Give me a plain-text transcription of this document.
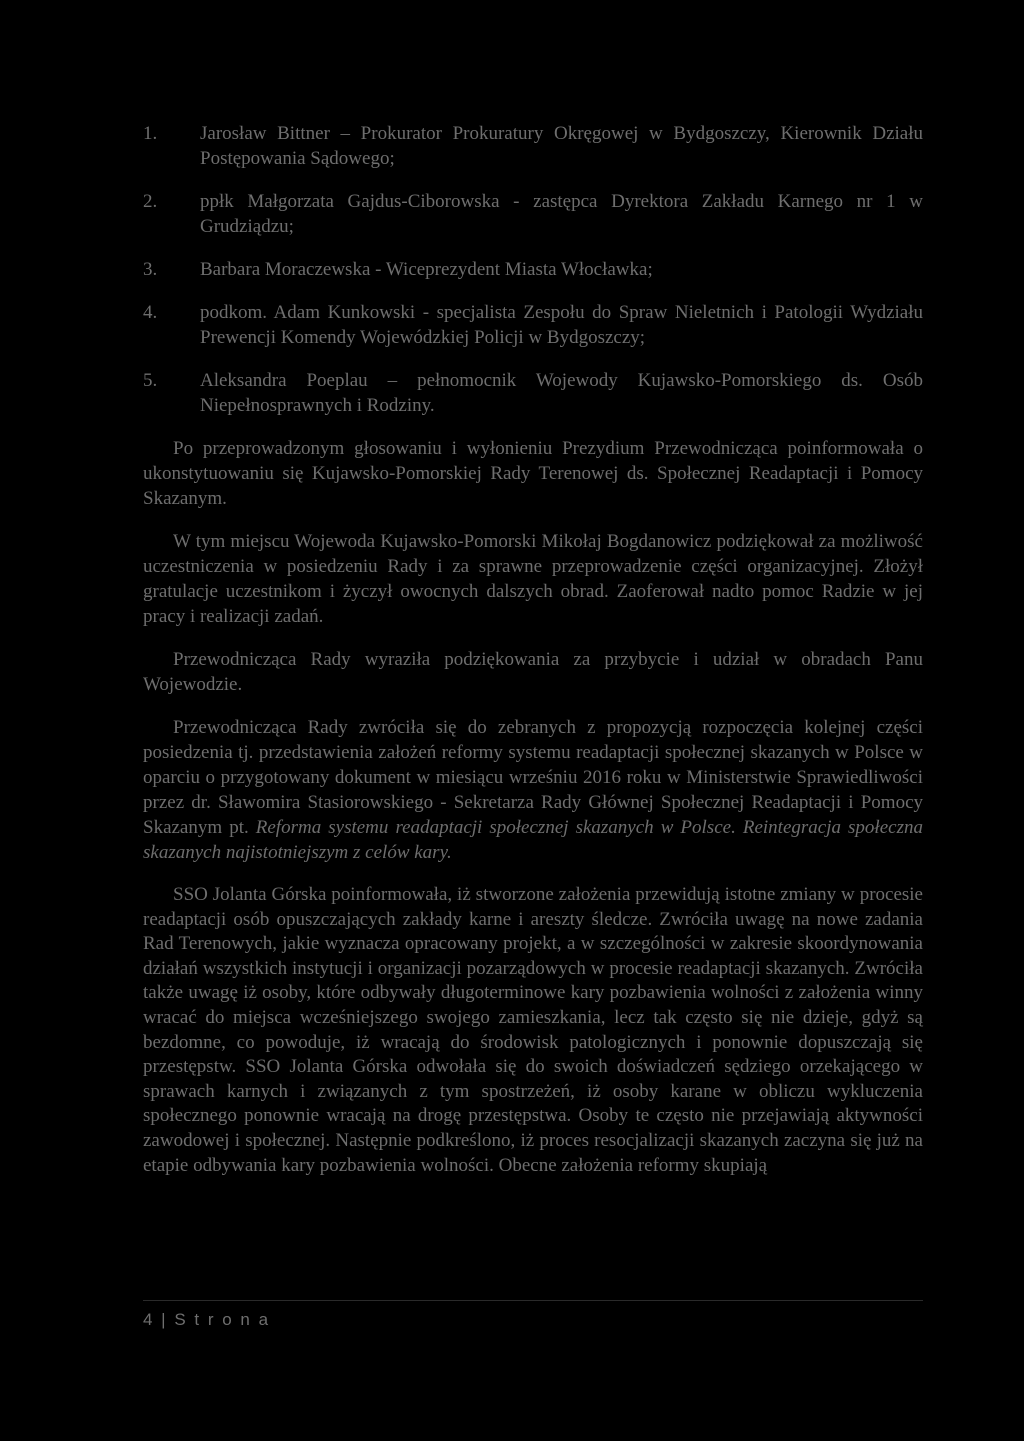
1. Jarosław Bittner – Prokurator Prokuratury Okręgowej w Bydgoszczy, Kierownik Działu Postępowania Sądowego;
2. ppłk Małgorzata Gajdus-Ciborowska - zastępca Dyrektora Zakładu Karnego nr 1 w Grudziądzu;
3. Barbara Moraczewska - Wiceprezydent Miasta Włocławka;
4. podkom. Adam Kunkowski - specjalista Zespołu do Spraw Nieletnich i Patologii Wydziału Prewencji Komendy Wojewódzkiej Policji w Bydgoszczy;
5. Aleksandra Poeplau – pełnomocnik Wojewody Kujawsko-Pomorskiego ds. Osób Niepełnosprawnych i Rodziny.

Po przeprowadzonym głosowaniu i wyłonieniu Prezydium Przewodnicząca poinformowała o ukonstytuowaniu się Kujawsko-Pomorskiej Rady Terenowej ds. Społecznej Readaptacji i Pomocy Skazanym.

W tym miejscu Wojewoda Kujawsko-Pomorski Mikołaj Bogdanowicz podziękował za możliwość uczestniczenia w posiedzeniu Rady i za sprawne przeprowadzenie części organizacyjnej. Złożył gratulacje uczestnikom i życzył owocnych dalszych obrad. Zaoferował nadto pomoc Radzie w jej pracy i realizacji zadań.

Przewodnicząca Rady wyraziła podziękowania za przybycie i udział w obradach Panu Wojewodzie.

Przewodnicząca Rady zwróciła się do zebranych z propozycją rozpoczęcia kolejnej części posiedzenia tj. przedstawienia założeń reformy systemu readaptacji społecznej skazanych w Polsce w oparciu o przygotowany dokument w miesiącu wrześniu 2016 roku w Ministerstwie Sprawiedliwości przez dr. Sławomira Stasiorowskiego - Sekretarza Rady Głównej Społecznej Readaptacji i Pomocy Skazanym pt. Reforma systemu readaptacji społecznej skazanych w Polsce. Reintegracja społeczna skazanych najistotniejszym z celów kary.

SSO Jolanta Górska poinformowała, iż stworzone założenia przewidują istotne zmiany w procesie readaptacji osób opuszczających zakłady karne i areszty śledcze. Zwróciła uwagę na nowe zadania Rad Terenowych, jakie wyznacza opracowany projekt, a w szczególności w zakresie skoordynowania działań wszystkich instytucji i organizacji pozarządowych w procesie readaptacji skazanych. Zwróciła także uwagę iż osoby, które odbywały długoterminowe kary pozbawienia wolności z założenia winny wracać do miejsca wcześniejszego swojego zamieszkania, lecz tak często się nie dzieje, gdyż są bezdomne, co powoduje, iż wracają do środowisk patologicznych i ponownie dopuszczają się przestępstw. SSO Jolanta Górska odwołała się do swoich doświadczeń sędziego orzekającego w sprawach karnych i związanych z tym spostrzeżeń, iż osoby karane w obliczu wykluczenia społecznego ponownie wracają na drogę przestępstwa. Osoby te często nie przejawiają aktywności zawodowej i społecznej. Następnie podkreślono, iż proces resocjalizacji skazanych zaczyna się już na etapie odbywania kary pozbawienia wolności. Obecne założenia reformy skupiają

4 | S t r o n a
